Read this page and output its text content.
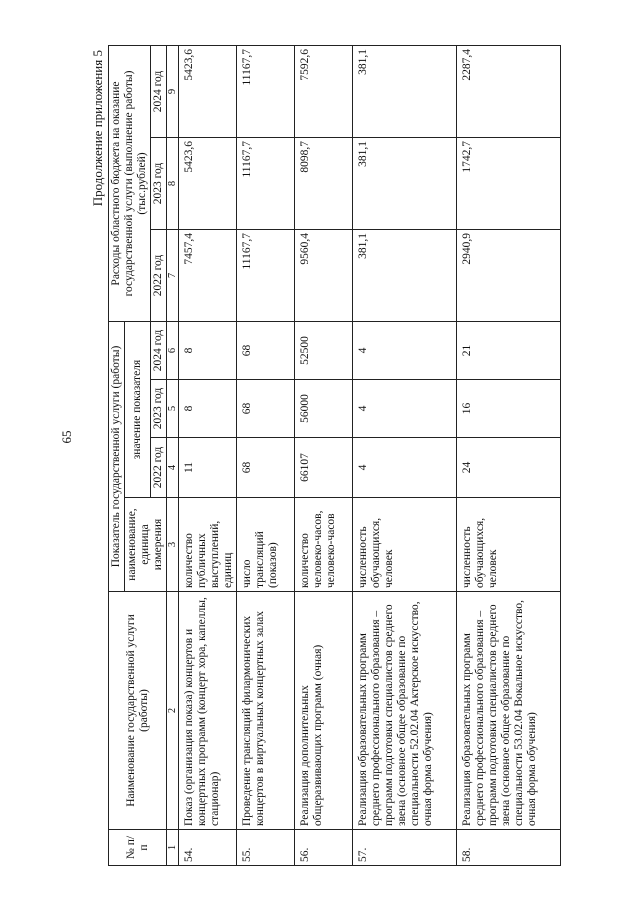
65
Продолжение приложения 5
№ п/п	Наименование государственной услуги (работы)	Показатель государственной услуги (работы)				Расходы областного бюджета на оказание государственной услуги (выполнение работы) (тыс.рублей)		
		наименование, единица измерения	значение показателя					
			2022 год	2023 год	2024 год	2022 год	2023 год	2024 год
1	2	3	4	5	6	7	8	9
54.	Показ (организация показа) концертов и концертных программ (концерт хора, капеллы, стационар)	количество публичных выступлений, единиц	11	8	8	7457,4	5423,6	5423,6
55.	Проведение трансляций филармонических концертов в виртуальных концертных залах	число трансляций (показов)	68	68	68	11167,7	11167,7	11167,7
56.	Реализация дополнительных общеразвивающих программ (очная)	количество человеко-часов, человеко-часов	66107	56000	52500	9560,4	8098,7	7592,6
57.	Реализация образовательных программ среднего профессионального образования – программ подготовки специалистов среднего звена (основное общее образование по специальности 52.02.04 Актерское искусство, очная форма обучения)	численность обучающихся, человек	4	4	4	381,1	381,1	381,1
58.	Реализация образовательных программ среднего профессионального образования – программ подготовки специалистов среднего звена (основное общее образование по специальности 53.02.04 Вокальное искусство, очная форма обучения)	численность обучающихся, человек	24	16	21	2940,9	1742,7	2287,4
